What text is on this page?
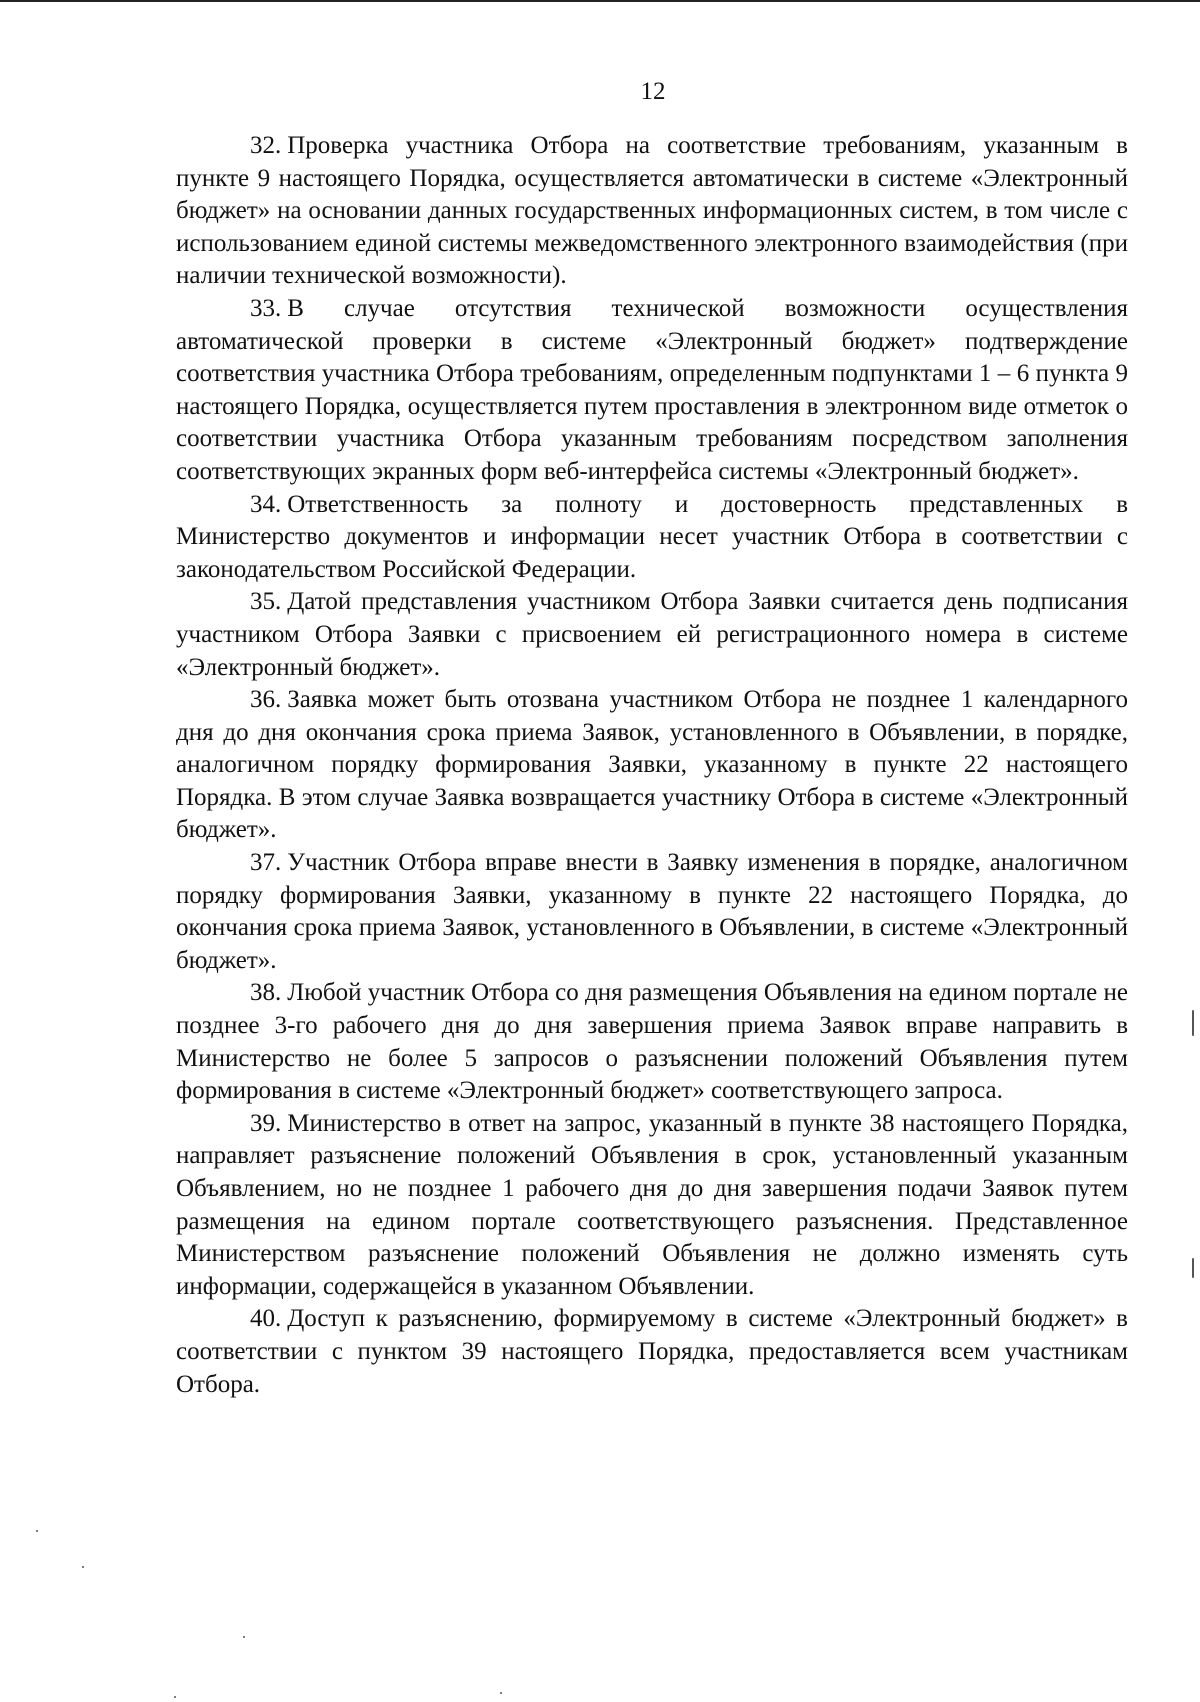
12

32. Проверка участника Отбора на соответствие требованиям, указанным в пункте 9 настоящего Порядка, осуществляется автоматически в системе «Электронный бюджет» на основании данных государственных информационных систем, в том числе с использованием единой системы межведомственного электронного взаимодействия (при наличии технической возможности).

33. В случае отсутствия технической возможности осуществления автоматической проверки в системе «Электронный бюджет» подтверждение соответствия участника Отбора требованиям, определенным подпунктами 1 – 6 пункта 9 настоящего Порядка, осуществляется путем проставления в электронном виде отметок о соответствии участника Отбора указанным требованиям посредством заполнения соответствующих экранных форм веб-интерфейса системы «Электронный бюджет».

34. Ответственность за полноту и достоверность представленных в Министерство документов и информации несет участник Отбора в соответствии с законодательством Российской Федерации.

35. Датой представления участником Отбора Заявки считается день подписания участником Отбора Заявки с присвоением ей регистрационного номера в системе «Электронный бюджет».

36. Заявка может быть отозвана участником Отбора не позднее 1 календарного дня до дня окончания срока приема Заявок, установленного в Объявлении, в порядке, аналогичном порядку формирования Заявки, указанному в пункте 22 настоящего Порядка. В этом случае Заявка возвращается участнику Отбора в системе «Электронный бюджет».

37. Участник Отбора вправе внести в Заявку изменения в порядке, аналогичном порядку формирования Заявки, указанному в пункте 22 настоящего Порядка, до окончания срока приема Заявок, установленного в Объявлении, в системе «Электронный бюджет».

38. Любой участник Отбора со дня размещения Объявления на едином портале не позднее 3-го рабочего дня до дня завершения приема Заявок вправе направить в Министерство не более 5 запросов о разъяснении положений Объявления путем формирования в системе «Электронный бюджет» соответствующего запроса.

39. Министерство в ответ на запрос, указанный в пункте 38 настоящего Порядка, направляет разъяснение положений Объявления в срок, установленный указанным Объявлением, но не позднее 1 рабочего дня до дня завершения подачи Заявок путем размещения на едином портале соответствующего разъяснения. Представленное Министерством разъяснение положений Объявления не должно изменять суть информации, содержащейся в указанном Объявлении.

40. Доступ к разъяснению, формируемому в системе «Электронный бюджет» в соответствии с пунктом 39 настоящего Порядка, предоставляется всем участникам Отбора.
